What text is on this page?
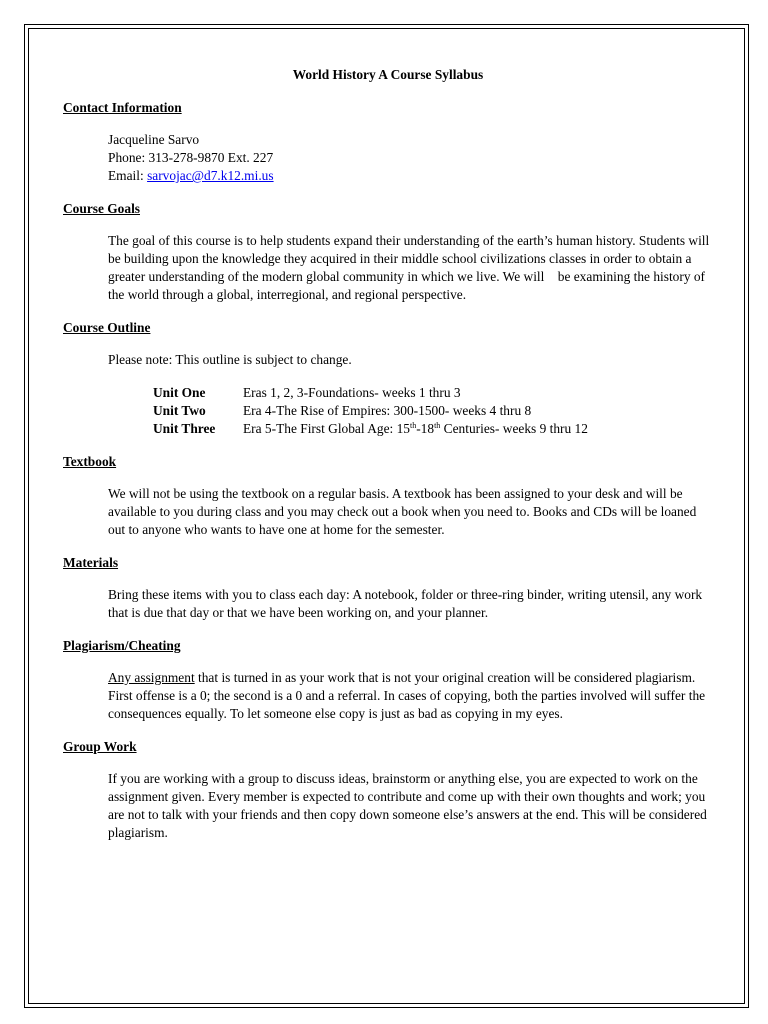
World History A Course Syllabus
Contact Information
Jacqueline Sarvo
Phone: 313-278-9870 Ext. 227
Email: sarvojac@d7.k12.mi.us
Course Goals
The goal of this course is to help students expand their understanding of the earth’s human history. Students will be building upon the knowledge they acquired in their middle school civilizations classes in order to obtain a greater understanding of the modern global community in which we live. We will    be examining the history of the world through a global, interregional, and regional perspective.
Course Outline
Please note: This outline is subject to change.
Unit One	Eras 1, 2, 3-Foundations- weeks 1 thru 3
Unit Two	Era 4-The Rise of Empires: 300-1500- weeks 4 thru 8
Unit Three	Era 5-The First Global Age: 15th-18th Centuries- weeks 9 thru 12
Textbook
We will not be using the textbook on a regular basis. A textbook has been assigned to your desk and will be available to you during class and you may check out a book when you need to. Books and CDs will be loaned out to anyone who wants to have one at home for the semester.
Materials
Bring these items with you to class each day: A notebook, folder or three-ring binder, writing utensil, any work that is due that day or that we have been working on, and your planner.
Plagiarism/Cheating
Any assignment that is turned in as your work that is not your original creation will be considered plagiarism. First offense is a 0; the second is a 0 and a referral. In cases of copying, both the parties involved will suffer the consequences equally. To let someone else copy is just as bad as copying in my eyes.
Group Work
If you are working with a group to discuss ideas, brainstorm or anything else, you are expected to work on the assignment given. Every member is expected to contribute and come up with their own thoughts and work; you are not to talk with your friends and then copy down someone else’s answers at the end. This will be considered plagiarism.
